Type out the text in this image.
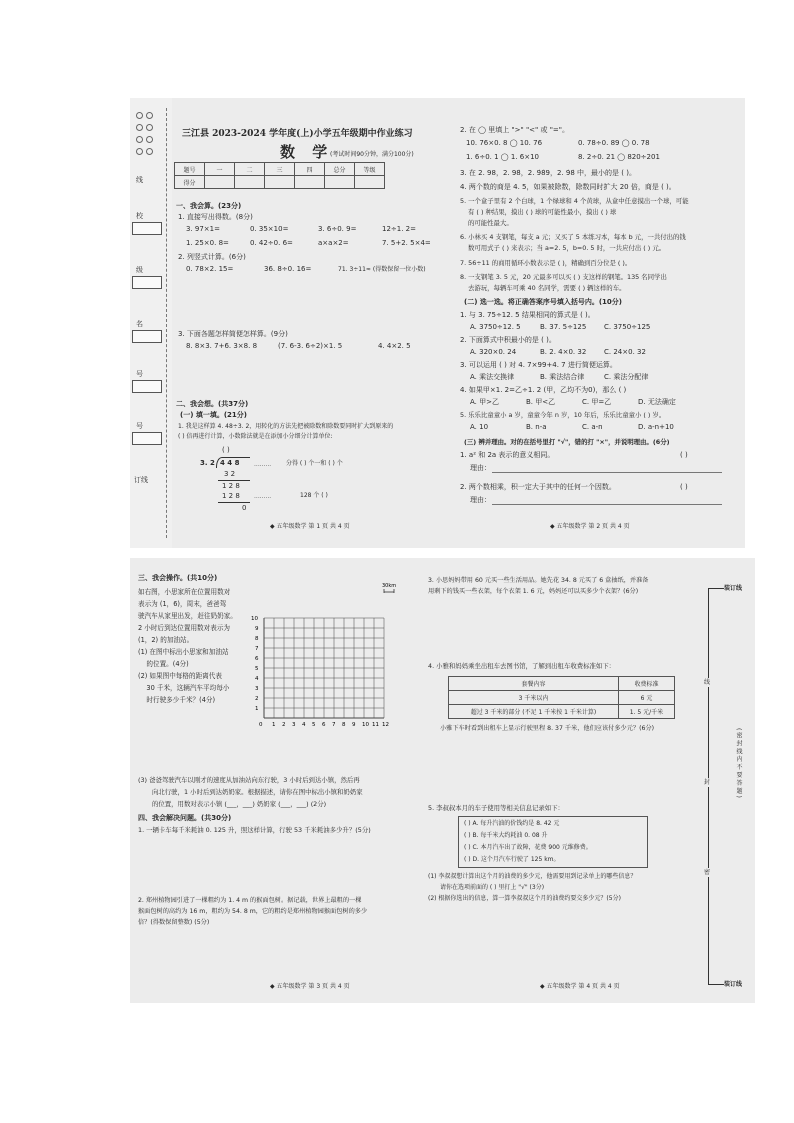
线
校
级
名
号
号
订线
三江县 2023-2024 学年度(上)小学五年级期中作业练习
数 学
(考试时间90分钟，满分100分)
题号	一	二	三	四	总分	等级
得分						
一、我会算。(23分)
1. 直接写出得数。(8分)
3. 97×1=	0. 35×10=	3. 6÷0. 9=	12÷1. 2=
1. 25×0. 8=	0. 42÷0. 6=	a×a×2=	7. 5+2. 5×4=
2. 列竖式计算。(6分)
0. 78×2. 15=	36. 8÷0. 16=	71. 3÷11≈ (得数保留一位小数)
3. 下面各题怎样简便怎样算。(9分)
8. 8×3. 7+6. 3×8. 8	(7. 6-3. 6÷2)×1. 5	4. 4×2. 5
二、我会想。(共37分)
(一) 填一填。(21分)
1. 我是这样算 4. 48÷3. 2，用转化的方法先把被除数和除数要同时扩大到原来的
( ) 倍再进行计算，小数除法就是在添加小分细分计算单位:
( )
3. 2 4 4 8
3 2
1 2 8
1 2 8
0
········· 分得 ( ) 个一和 ( ) 个
·········	128 个 ( )
◆ 五年级数学 第 1 页 共 4 页
2. 在 ◯ 里填上 ">" "<" 或 "="。
10. 76×0. 8 ◯ 10. 76	0. 78÷0. 89 ◯ 0. 78
1. 6÷0. 1 ◯ 1. 6×10	8. 2÷0. 21 ◯ 820÷201
3. 在 2. 98，2. 98̇，2. 9̇8̇9，2. 9̇8̇ 中，最小的是 ( )。
4. 两个数的商是 4. 5，如果被除数，除数同时扩大 20 倍，商是 ( )。
5. 一个盒子里有 2 个白球，1 个绿球和 4 个黄球，从盒中任意摸出一个球，可能
有 ( ) 种结果，摸出 ( ) 球的可能性最小，摸出 ( ) 球
的可能性最大。
6. 小林买 4 支钢笔，每支 a 元；又买了 5 本练习本，每本 b 元，一共付出的钱
数可用式子 ( ) 来表示；当 a=2. 5，b=0. 5 时，一共应付出 ( ) 元。
7. 56÷11 的商用循环小数表示是 ( )，精确到百分位是 ( )。
8. 一支钢笔 3. 5 元，20 元最多可以买 ( ) 支这样的钢笔。135 名同学出
去游玩，每辆车可乘 40 名同学，需要 ( ) 辆这样的车。
(二) 选一选。将正确答案序号填入括号内。(10分)
1. 与 3. 75÷12. 5 结果相同的算式是 ( )。
A. 3750÷12. 5	B. 37. 5÷125	C. 3750÷125
2. 下面算式中积最小的是 ( )。
A. 320×0. 24	B. 2. 4×0. 32	C. 24×0. 32
3. 可以运用 ( ) 对 4. 7×99+4. 7 进行简便运算。
A. 乘法交换律	B. 乘法结合律	C. 乘法分配律
4. 如果甲×1. 2=乙÷1. 2 (甲，乙均不为0)，那么 ( )
A. 甲>乙	B. 甲<乙	C. 甲=乙	D. 无法确定
5. 乐乐比童童小 a 岁，童童今年 n 岁，10 年后，乐乐比童童小 ( ) 岁。
A. 10	B. n-a	C. a-n	D. a-n+10
(三) 辨并理由。对的在括号里打 "√"，错的打 "×"，并说明理由。(6分)
1. a² 和 2a 表示的意义相同。	( )
理由：
2. 两个数相乘，积一定大于其中的任何一个因数。	( )
理由：
◆ 五年级数学 第 2 页 共 4 页
三、我会操作。(共10分)
如右图，小思家所在位置用数对
表示为 (1，6)，周末，爸爸驾
驶汽车从家里出发，赶往奶奶家。
2 小时后到达位置用数对表示为
(1，2) 的加油站。
(1) 在图中标出小思家和加油站
的位置。(4分)
(2) 如果图中每格的距离代表
30 千米，这辆汽车平均每小
时行驶多少千米？(4分)
0 1 2 3 4 5 6 7 8 9 10 11 12
10
9
8
7
6
5
4
3
2
1
30km
(3) 爸爸驾驶汽车以刚才的速度从加油站向东行驶，3 小时后到达小镇，然后再
向北行驶，1 小时后到达奶奶家。根据描述，请你在图中标出小镇和奶奶家
的位置，用数对表示小镇 (___，___) 奶奶家 (___，___) (2分)
四、我会解决问题。(共30分)
1. 一辆卡车每千米耗油 0. 125 升，照这样计算，行驶 53 千米耗油多少升？(5分)
2. 郑州植物园引进了一棵粗约为 1. 4 m 的猴面包树。据记载，世界上最粗的一棵
猴面包树的高约为 16 m，粗约为 54. 8 m，它的粗约是郑州植物园猴面包树的多少
倍？(得数保留整数) (5分)
◆ 五年级数学 第 3 页 共 4 页
3. 小思妈妈带用 60 元买一些生活用品。她先花 34. 8 元买了 6 盒抽纸，并准备
用剩下的钱买一些衣架，每个衣架 1. 6 元，妈妈还可以买多少个衣架？(6分)
4. 小雅和妈妈乘坐出租车去图书馆，了解到出租车收费标准如下：
套餐内容	收费标准
3 千米以内	6 元
超过 3 千米的部分 (不足 1 千米按 1 千米计算)	1. 5 元/千米
小雅下车时看到出租车上显示行驶里程 8. 37 千米，他们应该付多少元？(6分)
5. 李叔叔本月的车子使用等相关信息记录如下：
( ) A. 每升汽油的价钱约是 8. 42 元
( ) B. 每千米大约耗油 0. 08 升
( ) C. 本月汽车出了故障，花费 900 元维修费。
( ) D. 这个月汽车行驶了 125 km。
(1) 李叔叔想计算出这个月的油费的多少元，他需要用到记录单上的哪些信息？
请你在选项前面的 ( ) 里打上 "√" (3分)
(2) 根据你选出的信息，算一算李叔叔这个月的油费约要交多少元？(5分)
◆ 五年级数学 第 4 页 共 4 页
装订线
装订线
线
封
密
( 密 封 线 内 不 要 答 题 )
